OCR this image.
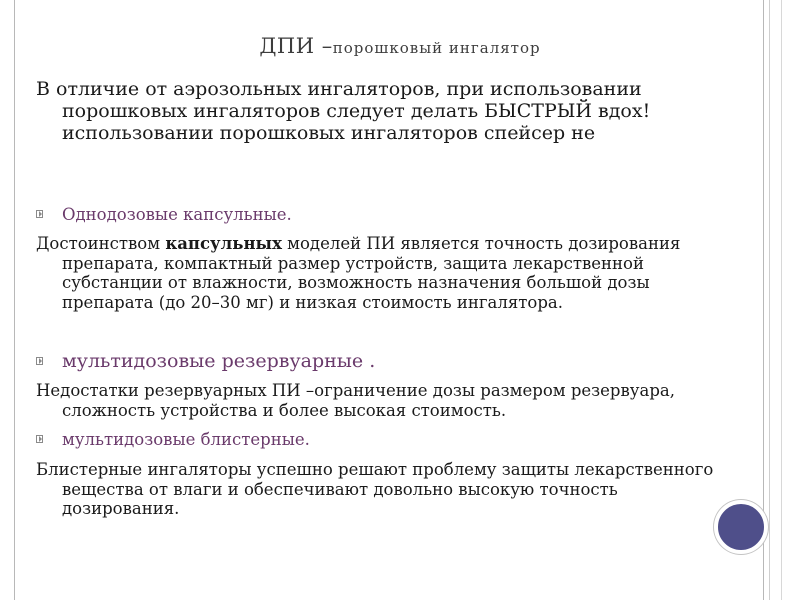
ДПИ –порошковый ингалятор
В отличие от аэрозольных ингаляторов, при использовании порошковых ингаляторов следует делать БЫСТРЫЙ вдох! использовании порошковых ингаляторов спейсер не
Однодозовые капсульные.
Достоинством капсульных моделей ПИ является точность дозирования препарата, компактный размер устройств, защита лекарственной субстанции от влажности, возможность назначения большой дозы препарата (до 20–30 мг) и низкая стоимость ингалятора.
мультидозовые резервуарные .
Недостатки резервуарных ПИ –ограничение дозы размером резервуара, сложность устройства и более высокая стоимость.
мультидозовые блистерные.
Блистерные ингаляторы успешно решают проблему защиты лекарственного вещества от влаги и обеспечивают довольно высокую точность дозирования.
